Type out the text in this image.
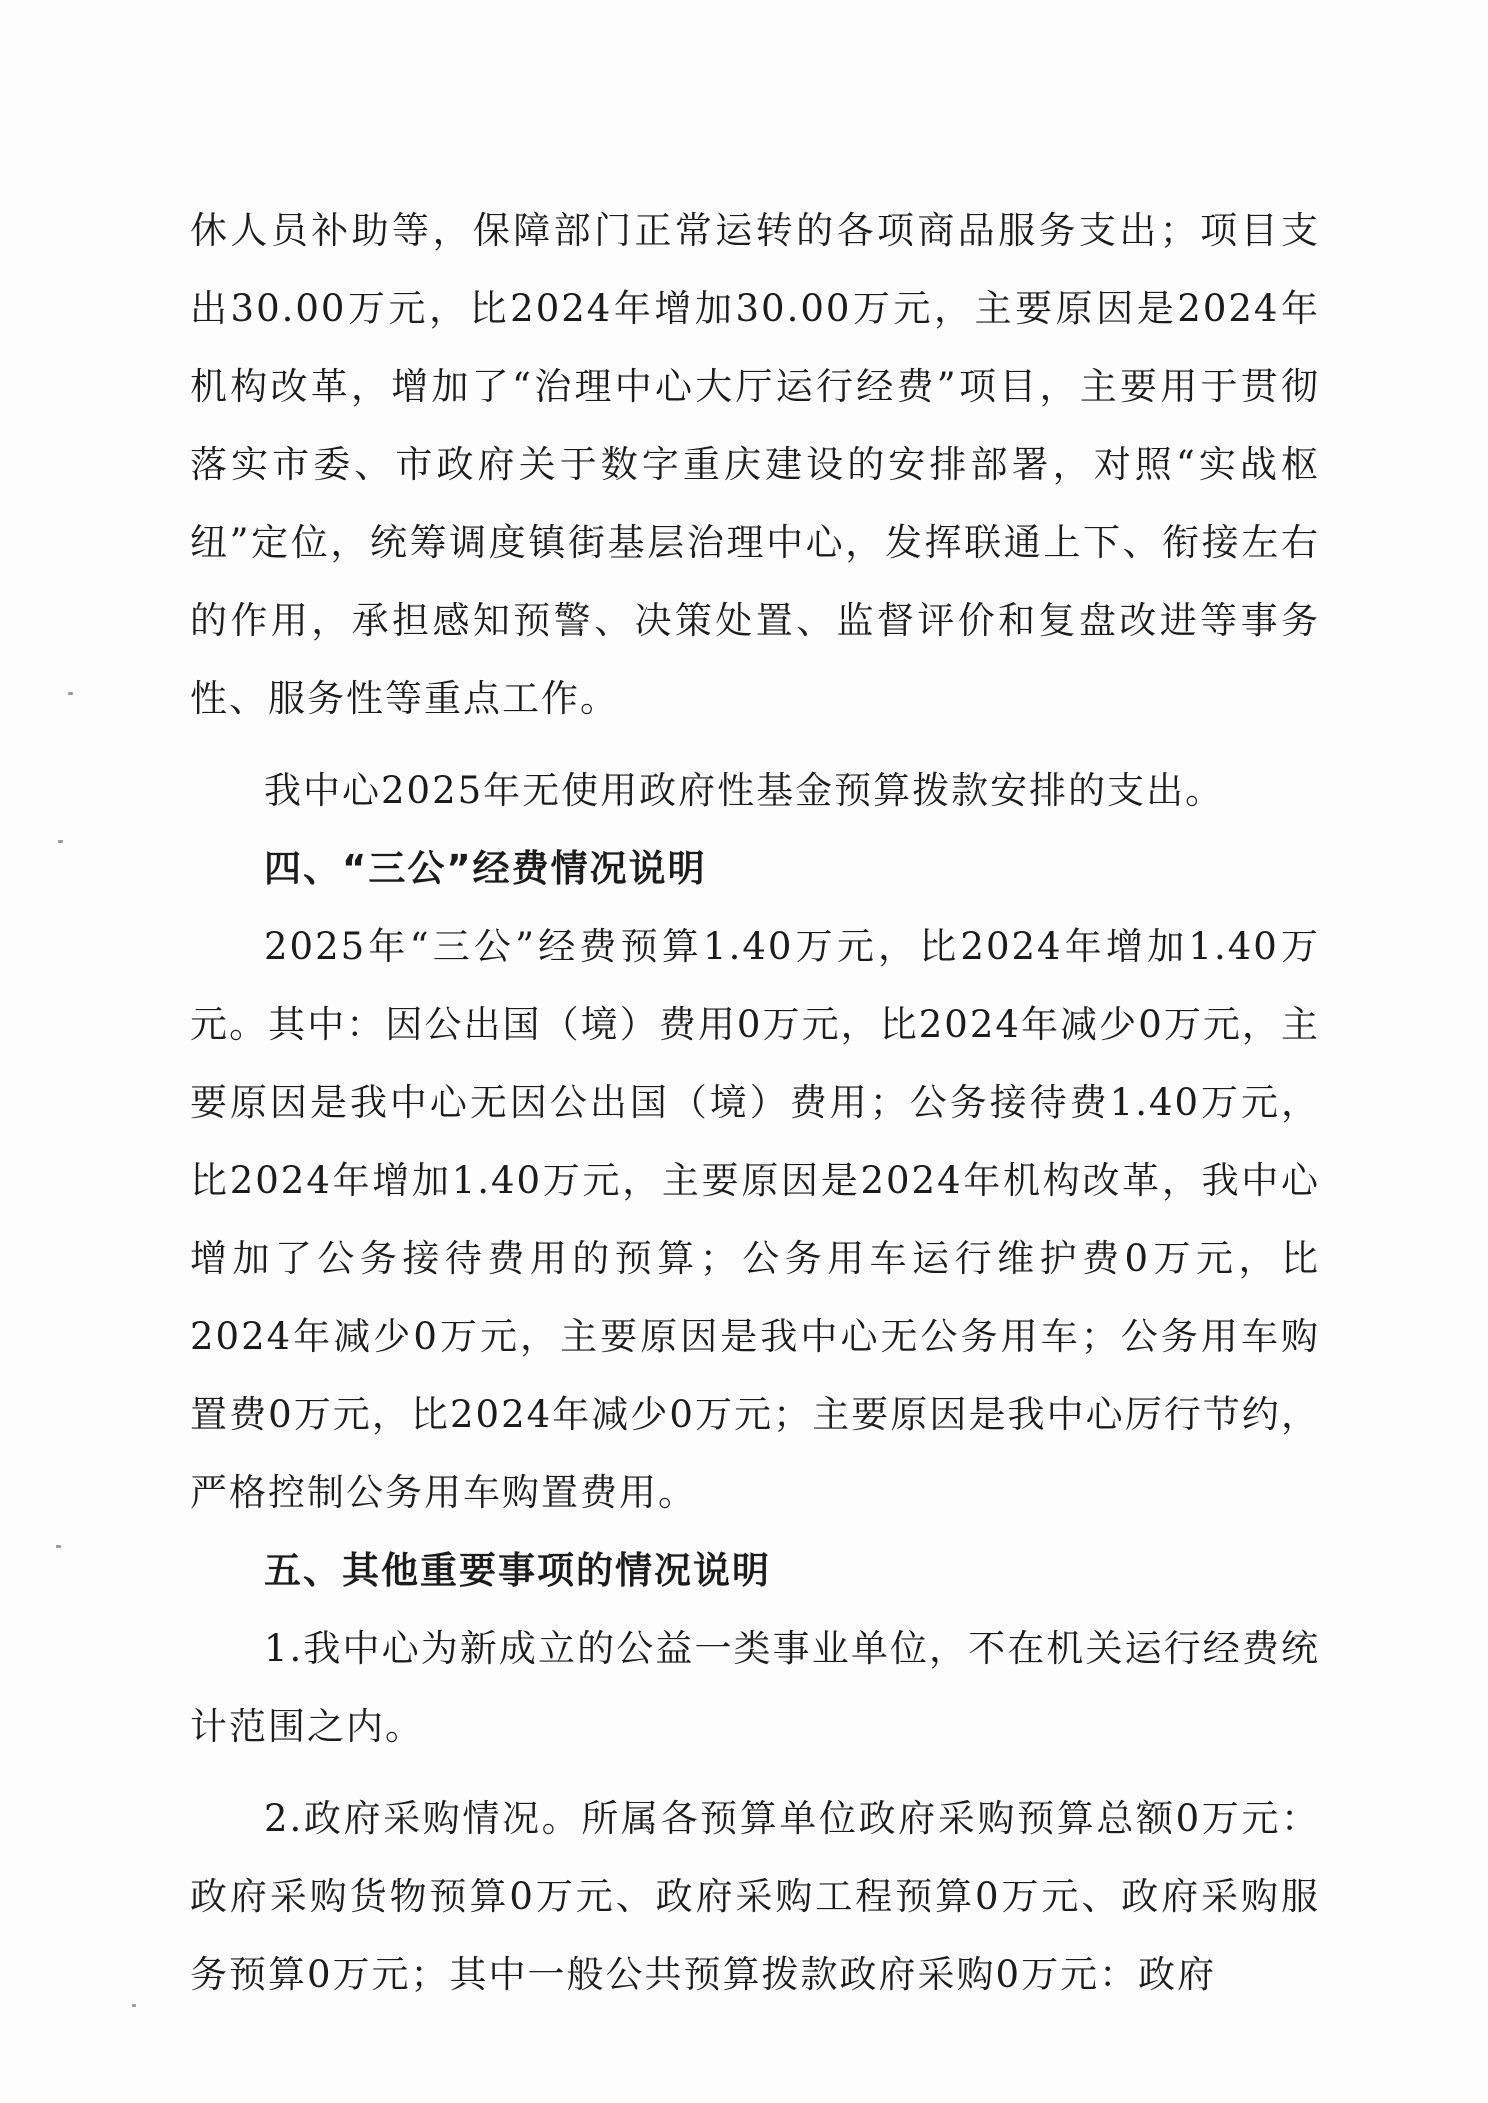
休人员补助等，保障部门正常运转的各项商品服务支出；项目支出30.00万元，比2024年增加30.00万元，主要原因是2024年机构改革，增加了“治理中心大厅运行经费”项目，主要用于贯彻落实市委、市政府关于数字重庆建设的安排部署，对照“实战枢纽”定位，统筹调度镇街基层治理中心，发挥联通上下、衔接左右的作用，承担感知预警、决策处置、监督评价和复盘改进等事务性、服务性等重点工作。

我中心2025年无使用政府性基金预算拨款安排的支出。

四、“三公”经费情况说明

2025年“三公”经费预算1.40万元，比2024年增加1.40万元。其中：因公出国（境）费用0万元，比2024年减少0万元，主要原因是我中心无因公出国（境）费用；公务接待费1.40万元，比2024年增加1.40万元，主要原因是2024年机构改革，我中心增加了公务接待费用的预算；公务用车运行维护费0万元，比2024年减少0万元，主要原因是我中心无公务用车；公务用车购置费0万元，比2024年减少0万元；主要原因是我中心厉行节约，严格控制公务用车购置费用。

五、其他重要事项的情况说明

1.我中心为新成立的公益一类事业单位，不在机关运行经费统计范围之内。

2.政府采购情况。所属各预算单位政府采购预算总额0万元：政府采购货物预算0万元、政府采购工程预算0万元、政府采购服务预算0万元；其中一般公共预算拨款政府采购0万元：政府
